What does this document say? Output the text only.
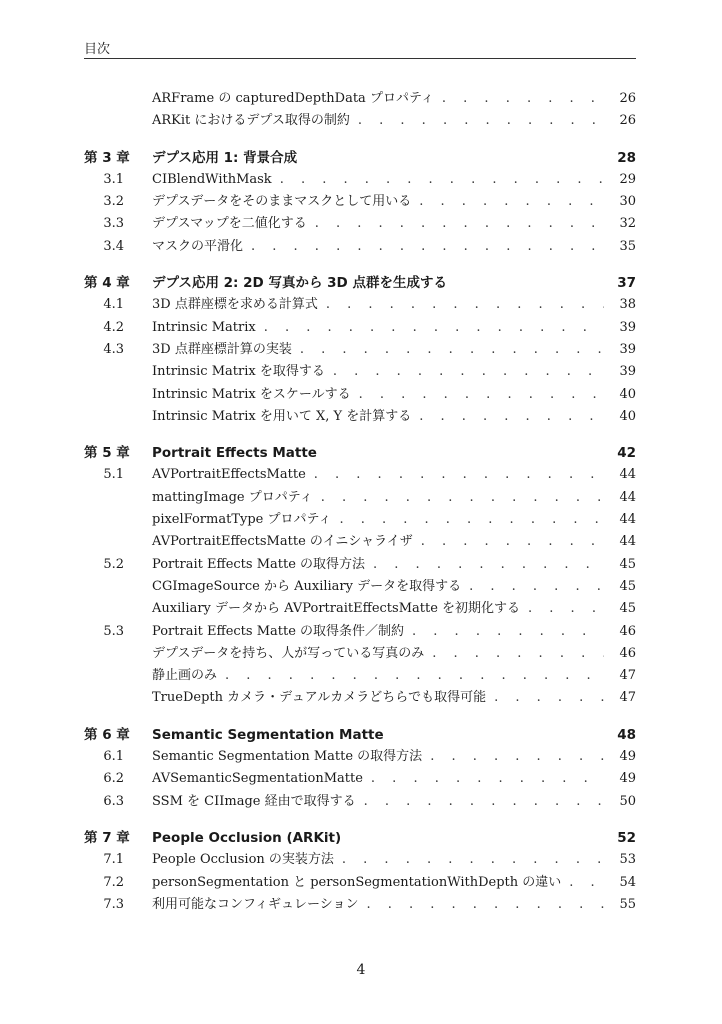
目次
ARFrame の capturedDepthData プロパティ . . .	26
ARKit におけるデプス取得の制約 . . .	26
第 3 章 デプス応用 1: 背景合成	28
3.1 CIBlendWithMask . . .	29
3.2 デプスデータをそのままマスクとして用いる . . .	30
3.3 デプスマップを二値化する . . .	32
3.4 マスクの平滑化 . . .	35
第 4 章 デプス応用 2: 2D 写真から 3D 点群を生成する	37
4.1 3D 点群座標を求める計算式 . . .	38
4.2 Intrinsic Matrix . . .	39
4.3 3D 点群座標計算の実装 . . .	39
Intrinsic Matrix を取得する . . .	39
Intrinsic Matrix をスケールする . . .	40
Intrinsic Matrix を用いて X, Y を計算する . . .	40
第 5 章 Portrait Effects Matte	42
5.1 AVPortraitEffectsMatte . . .	44
mattingImage プロパティ . . .	44
pixelFormatType プロパティ . . .	44
AVPortraitEffectsMatte のイニシャライザ . . .	44
5.2 Portrait Effects Matte の取得方法 . . .	45
CGImageSource から Auxiliary データを取得する . . .	45
Auxiliary データから AVPortraitEffectsMatte を初期化する . . .	45
5.3 Portrait Effects Matte の取得条件／制約 . . .	46
デプスデータを持ち、人が写っている写真のみ . . .	46
静止画のみ . . .	47
TrueDepth カメラ・デュアルカメラどちらでも取得可能 . . .	47
第 6 章 Semantic Segmentation Matte	48
6.1 Semantic Segmentation Matte の取得方法 . . .	49
6.2 AVSemanticSegmentationMatte . . .	49
6.3 SSM を CIImage 経由で取得する . . .	50
第 7 章 People Occlusion (ARKit)	52
7.1 People Occlusion の実装方法 . . .	53
7.2 personSegmentation と personSegmentationWithDepth の違い . . .	54
7.3 利用可能なコンフィギュレーション . . .	55
4
